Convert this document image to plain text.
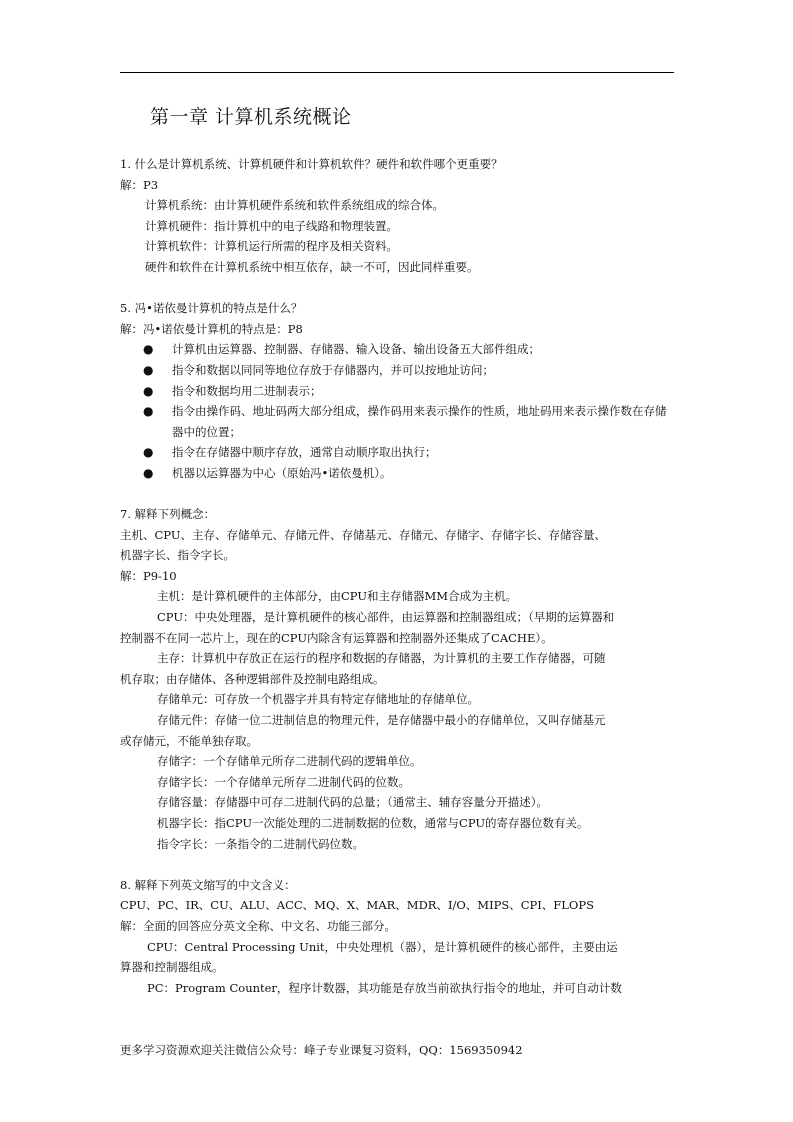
第一章 计算机系统概论
1. 什么是计算机系统、计算机硬件和计算机软件？硬件和软件哪个更重要？
解：P3
计算机系统：由计算机硬件系统和软件系统组成的综合体。
计算机硬件：指计算机中的电子线路和物理装置。
计算机软件：计算机运行所需的程序及相关资料。
硬件和软件在计算机系统中相互依存，缺一不可，因此同样重要。
5. 冯•诺依曼计算机的特点是什么？
解：冯•诺依曼计算机的特点是：P8
● 计算机由运算器、控制器、存储器、输入设备、输出设备五大部件组成；
● 指令和数据以同同等地位存放于存储器内，并可以按地址访问；
● 指令和数据均用二进制表示；
● 指令由操作码、地址码两大部分组成，操作码用来表示操作的性质，地址码用来表示操作数在存储器中的位置；
● 指令在存储器中顺序存放，通常自动顺序取出执行；
● 机器以运算器为中心（原始冯•诺依曼机）。
7. 解释下列概念：
主机、CPU、主存、存储单元、存储元件、存储基元、存储元、存储字、存储字长、存储容量、
机器字长、指令字长。
解：P9-10
主机：是计算机硬件的主体部分，由CPU和主存储器MM合成为主机。
CPU：中央处理器，是计算机硬件的核心部件，由运算器和控制器组成；（早期的运算器和
控制器不在同一芯片上，现在的CPU内除含有运算器和控制器外还集成了CACHE）。
主存：计算机中存放正在运行的程序和数据的存储器，为计算机的主要工作存储器，可随
机存取；由存储体、各种逻辑部件及控制电路组成。
存储单元：可存放一个机器字并具有特定存储地址的存储单位。
存储元件：存储一位二进制信息的物理元件，是存储器中最小的存储单位，又叫存储基元
或存储元，不能单独存取。
存储字：一个存储单元所存二进制代码的逻辑单位。
存储字长：一个存储单元所存二进制代码的位数。
存储容量：存储器中可存二进制代码的总量；（通常主、辅存容量分开描述）。
机器字长：指CPU一次能处理的二进制数据的位数，通常与CPU的寄存器位数有关。
指令字长：一条指令的二进制代码位数。
8. 解释下列英文缩写的中文含义：
CPU、PC、IR、CU、ALU、ACC、MQ、X、MAR、MDR、I/O、MIPS、CPI、FLOPS
解：全面的回答应分英文全称、中文名、功能三部分。
CPU：Central Processing Unit，中央处理机（器），是计算机硬件的核心部件，主要由运
算器和控制器组成。
PC：Program Counter，程序计数器，其功能是存放当前欲执行指令的地址，并可自动计数
更多学习资源欢迎关注微信公众号：峰子专业课复习资料，QQ：1569350942
